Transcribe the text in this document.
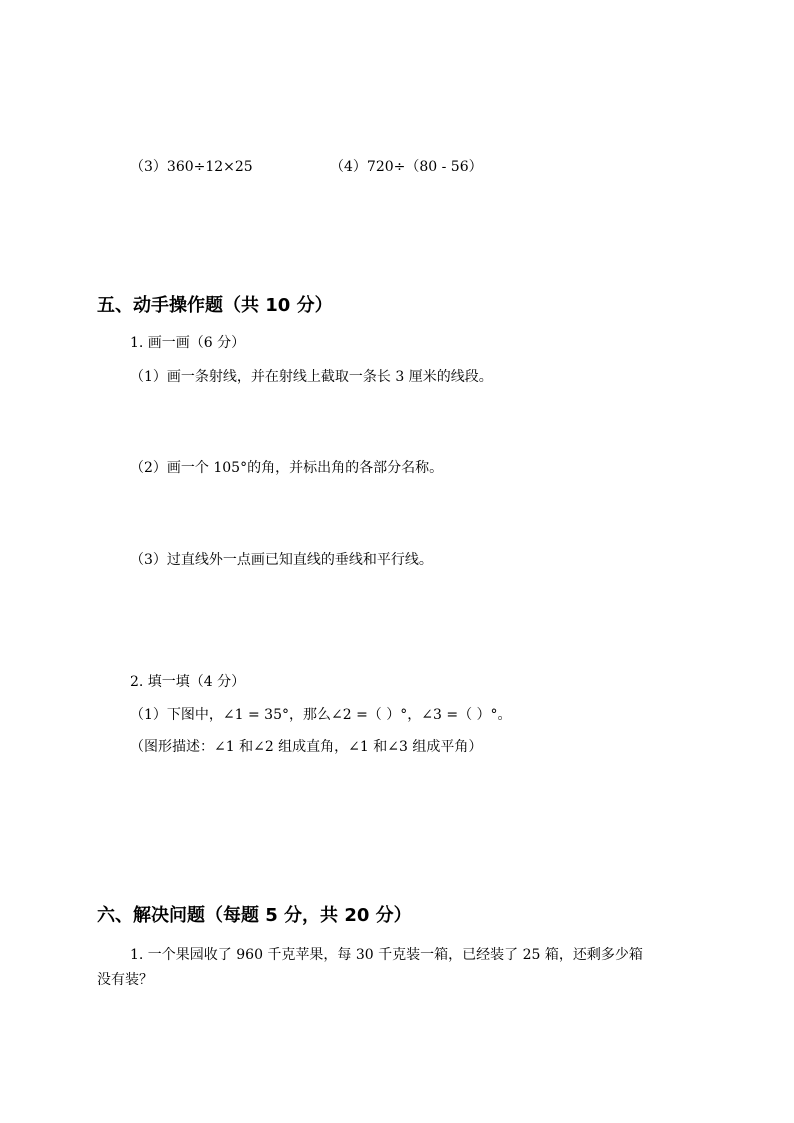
（3）360÷12×25	（4）720÷（80 - 56）
五、动手操作题（共 10 分）
1. 画一画（6 分）
（1）画一条射线，并在射线上截取一条长 3 厘米的线段。
（2）画一个 105°的角，并标出角的各部分名称。
（3）过直线外一点画已知直线的垂线和平行线。
2. 填一填（4 分）
（1）下图中，∠1 = 35°，那么∠2 =（ ）°，∠3 =（ ）°。
（图形描述：∠1 和∠2 组成直角，∠1 和∠3 组成平角）
六、解决问题（每题 5 分，共 20 分）
1. 一个果园收了 960 千克苹果，每 30 千克装一箱，已经装了 25 箱，还剩多少箱
没有装？
